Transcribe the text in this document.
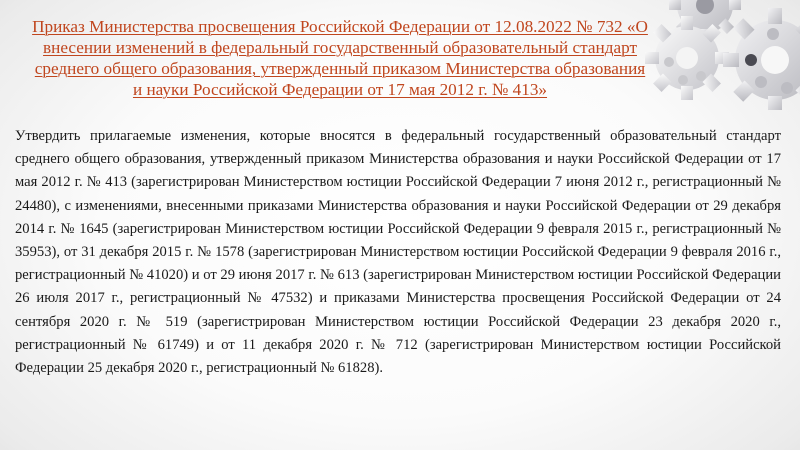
Приказ Министерства просвещения Российской Федерации от 12.08.2022 № 732 «О внесении изменений в федеральный государственный образовательный стандарт среднего общего образования, утвержденный приказом Министерства образования и науки Российской Федерации от 17 мая 2012 г. № 413»

Утвердить прилагаемые изменения, которые вносятся в федеральный государственный образовательный стандарт среднего общего образования, утвержденный приказом Министерства образования и науки Российской Федерации от 17 мая 2012 г. № 413 (зарегистрирован Министерством юстиции Российской Федерации 7 июня 2012 г., регистрационный № 24480), с изменениями, внесенными приказами Министерства образования и науки Российской Федерации от 29 декабря 2014 г. № 1645 (зарегистрирован Министерством юстиции Российской Федерации 9 февраля 2015 г., регистрационный № 35953), от 31 декабря 2015 г. № 1578 (зарегистрирован Министерством юстиции Российской Федерации 9 февраля 2016 г., регистрационный № 41020) и от 29 июня 2017 г. № 613 (зарегистрирован Министерством юстиции Российской Федерации 26 июля 2017 г., регистрационный № 47532) и приказами Министерства просвещения Российской Федерации от 24 сентября 2020 г. № 519 (зарегистрирован Министерством юстиции Российской Федерации 23 декабря 2020 г., регистрационный № 61749) и от 11 декабря 2020 г. № 712 (зарегистрирован Министерством юстиции Российской Федерации 25 декабря 2020 г., регистрационный № 61828).
